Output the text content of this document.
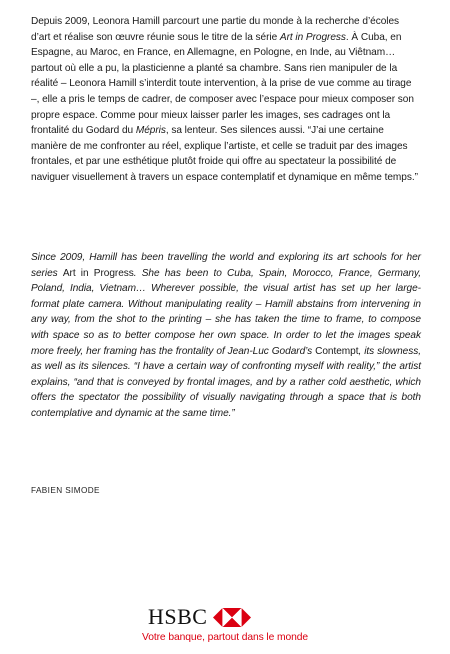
Depuis 2009, Leonora Hamill parcourt une partie du monde à la recherche d’écoles d’art et réalise son œuvre réunie sous le titre de la série Art in Progress. À Cuba, en Espagne, au Maroc, en France, en Allemagne, en Pologne, en Inde, au Viêtnam… partout où elle a pu, la plasticienne a planté sa chambre. Sans rien manipuler de la réalité – Leonora Hamill s’interdit toute intervention, à la prise de vue comme au tirage –, elle a pris le temps de cadrer, de composer avec l’espace pour mieux composer son propre espace. Comme pour mieux laisser parler les images, ses cadrages ont la frontalité du Godard du Mépris, sa lenteur. Ses silences aussi. “J’ai une certaine manière de me confronter au réel, explique l’artiste, et celle se traduit par des images frontales, et par une esthétique plutôt froide qui offre au spectateur la possibilité de naviguer visuellement à travers un espace contemplatif et dynamique en même temps.”

Since 2009, Hamill has been travelling the world and exploring its art schools for her series Art in Progress. She has been to Cuba, Spain, Morocco, France, Germany, Poland, India, Vietnam… Wherever possible, the visual artist has set up her large-format plate camera. Without manipulating reality – Hamill abstains from intervening in any way, from the shot to the printing – she has taken the time to frame, to compose with space so as to better compose her own space. In order to let the images speak more freely, her framing has the frontality of Jean-Luc Godard’s Contempt, its slowness, as well as its silences. “I have a certain way of confronting myself with reality,” the artist explains, “and that is conveyed by frontal images, and by a rather cold aesthetic, which offers the spectator the possibility of visually navigating through a space that is both contemplative and dynamic at the same time.”

FABIEN SIMODE
HSBC
Votre banque, partout dans le monde
